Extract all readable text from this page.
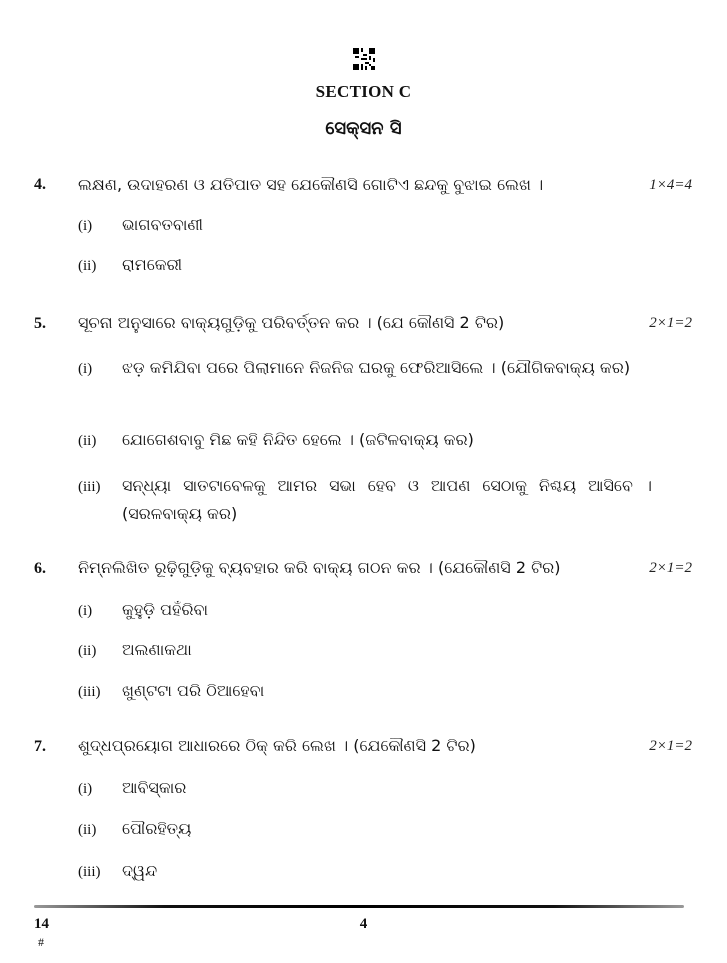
SECTION C
ସେକ୍ସନ ସି
4. ଲକ୍ଷଣ, ଉଦାହରଣ ଓ ଯତିପାତ ସହ ଯେକୌଣସି ଗୋଟିଏ ଛନ୍ଦକୁ ବୁଝାଇ ଲେଖ ।	1×4=4
(i) ଭାଗବତବାଣୀ
(ii) ରାମକେରୀ
5. ସୂଚନା ଅନୁସାରେ ବାକ୍ୟଗୁଡ଼ିକୁ ପରିବର୍ତ୍ତନ କର । (ଯେ କୌଣସି 2 ଟିର)	2×1=2
(i) ଝଡ଼ କମିଯିବା ପରେ ପିଲାମାନେ ନିଜନିଜ ଘରକୁ ଫେରିଆସିଲେ । (ଯୌଗିକବାକ୍ୟ କର)
(ii) ଯୋଗେଶବାବୁ ମିଛ କହି ନିନ୍ଦିତ ହେଲେ । (ଜଟିଳବାକ୍ୟ କର)
(iii) ସନ୍ଧ୍ୟା ସାତଟାବେଳକୁ ଆମର ସଭା ହେବ ଓ ଆପଣ ସେଠାକୁ ନିଶ୍ଚୟ ଆସିବେ । (ସରଳବାକ୍ୟ କର)
6. ନିମ୍ନଲିଖିତ ରୂଢ଼ିଗୁଡ଼ିକୁ ବ୍ୟବହାର କରି ବାକ୍ୟ ଗଠନ କର । (ଯେକୌଣସି 2 ଟିର)	2×1=2
(i) କୁହୁଡ଼ି ପହଁରିବା
(ii) ଅଲଣାକଥା
(iii) ଖୁଣ୍ଟଟା ପରି ଠିଆହେବା
7. ଶୁଦ୍ଧପ୍ରୟୋଗ ଆଧାରରେ ଠିକ୍ କରି ଲେଖ । (ଯେକୌଣସି 2 ଟିର)	2×1=2
(i) ଆବିସ୍କାର
(ii) ପୌରହିତ୍ୟ
(iii) ଦ୍ୱନ୍ଦ
14
#
4
